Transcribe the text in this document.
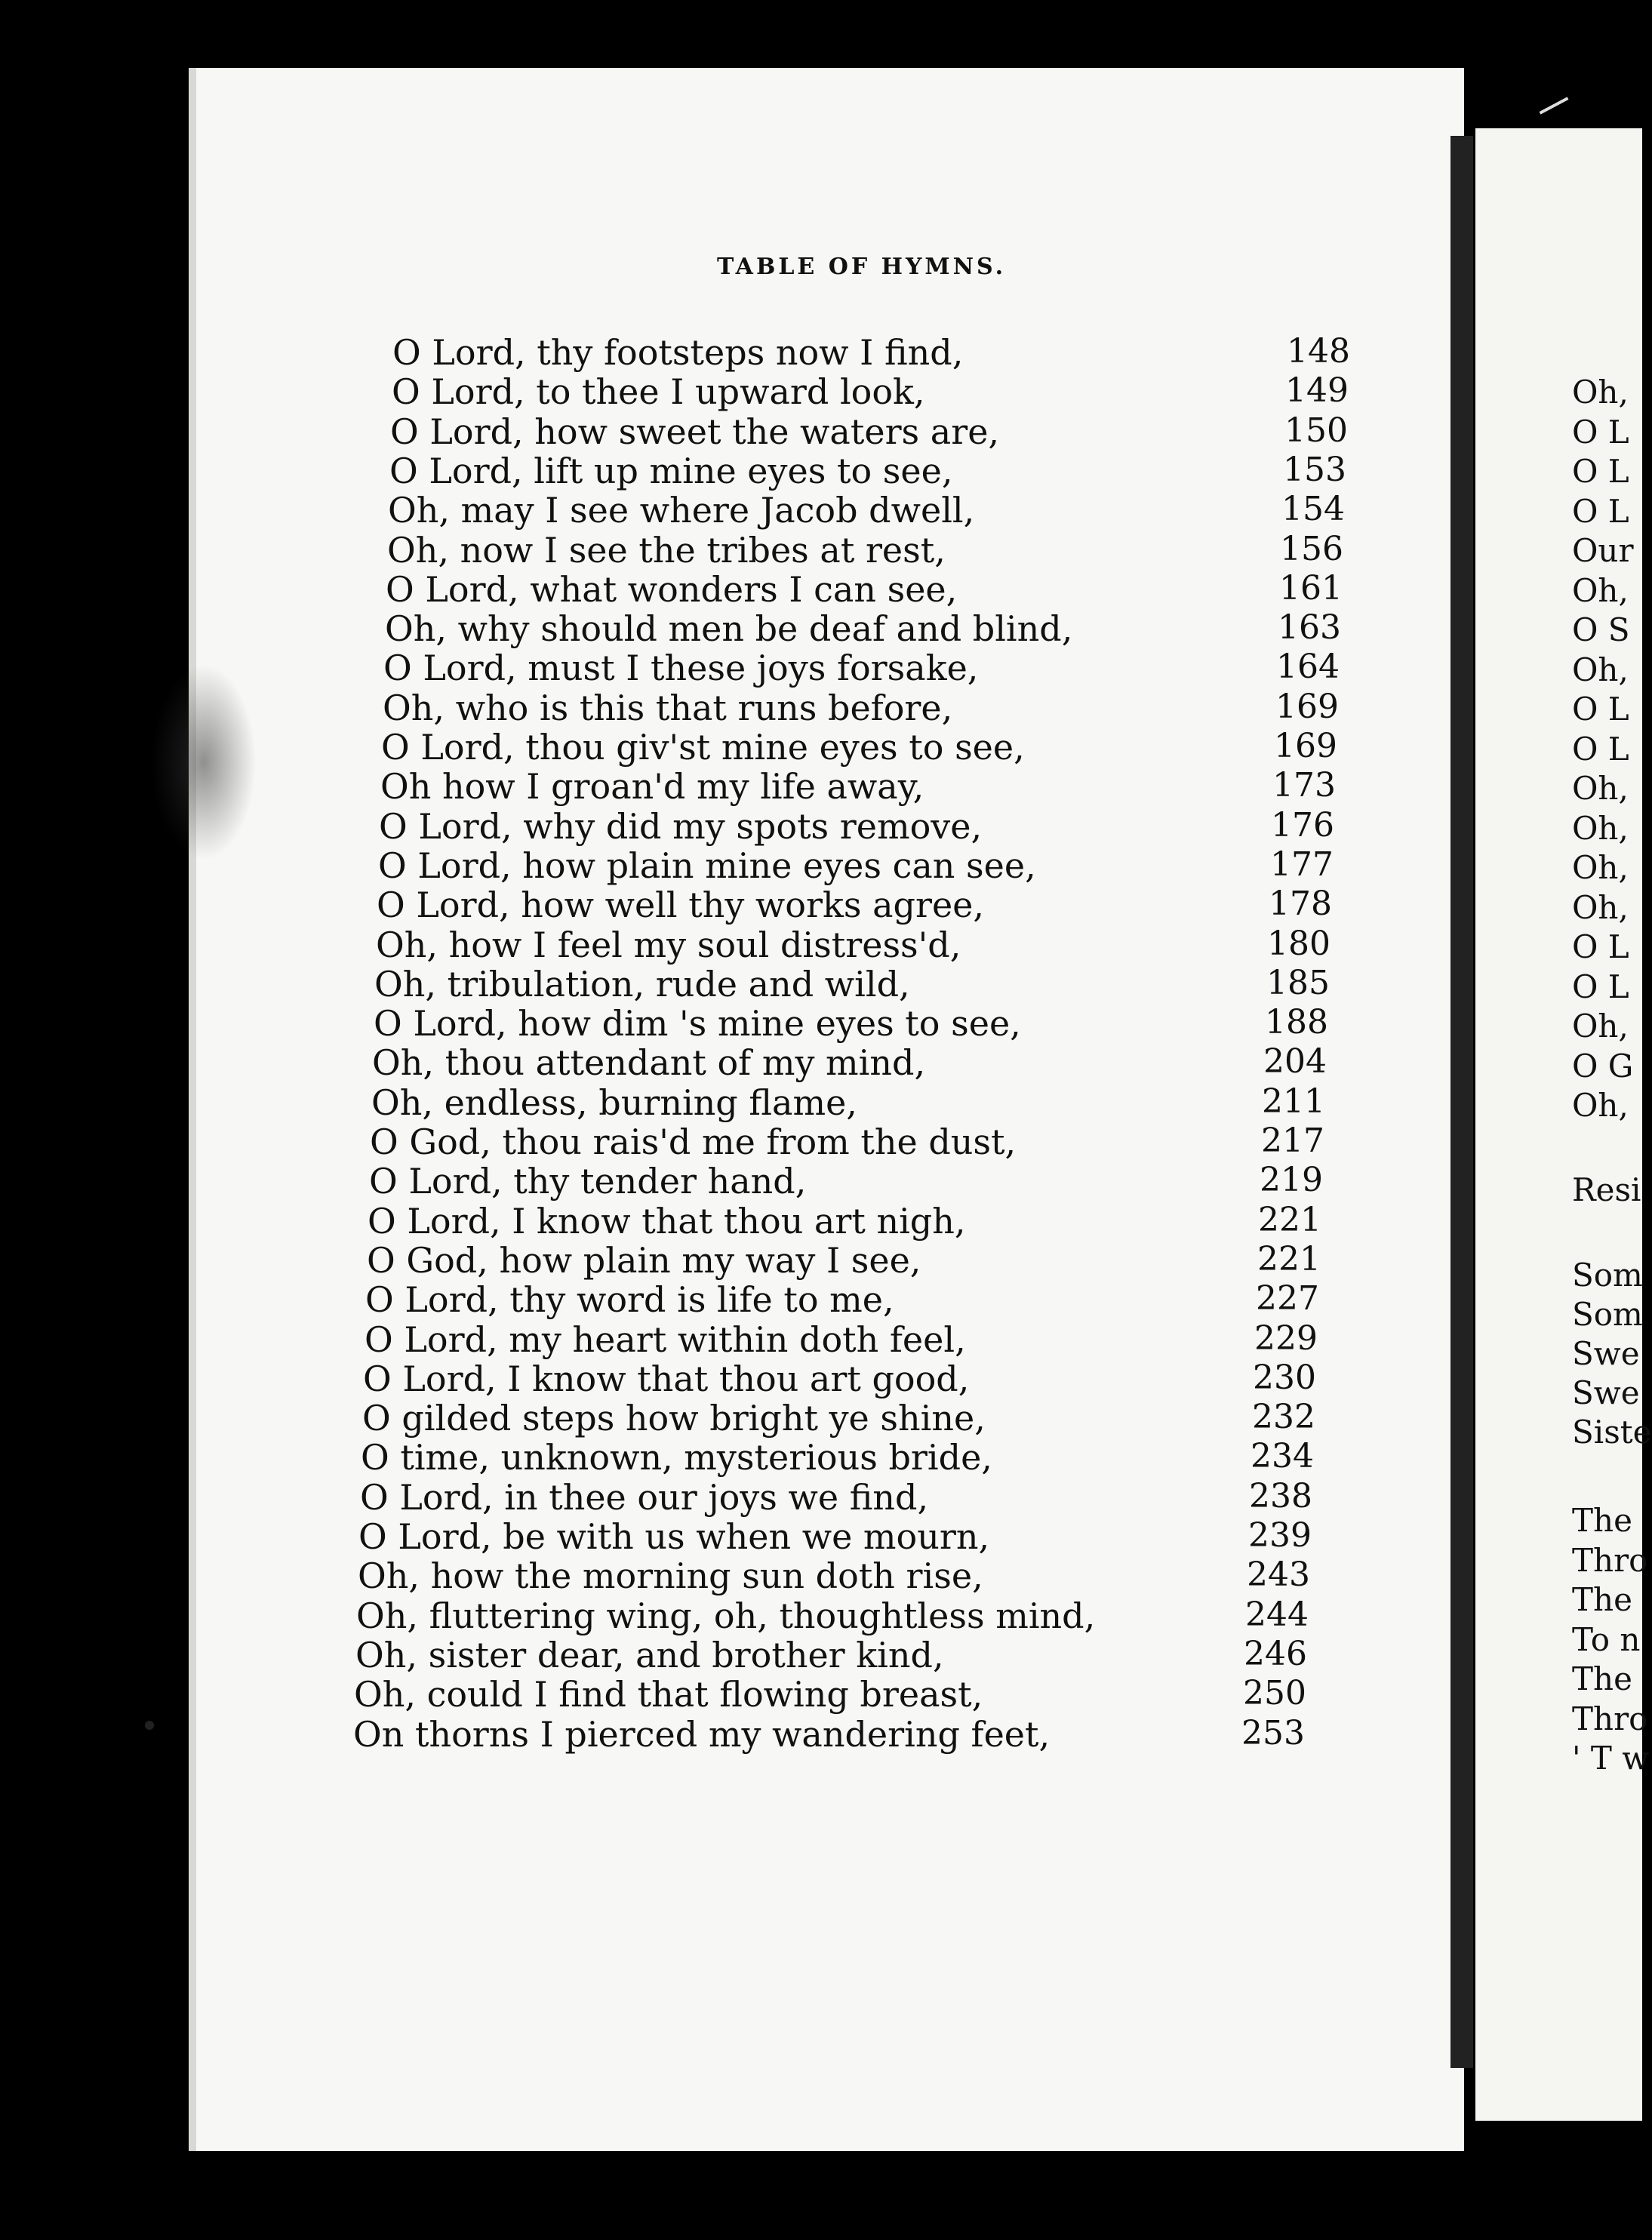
TABLE OF HYMNS.
O Lord, thy footsteps now I find,	148
O Lord, to thee I upward look,	149
O Lord, how sweet the waters are,	150
O Lord, lift up mine eyes to see,	153
Oh, may I see where Jacob dwell,	154
Oh, now I see the tribes at rest,	156
O Lord, what wonders I can see,	161
Oh, why should men be deaf and blind,	163
O Lord, must I these joys forsake,	164
Oh, who is this that runs before,	169
O Lord, thou giv'st mine eyes to see,	169
Oh how I groan'd my life away,	173
O Lord, why did my spots remove,	176
O Lord, how plain mine eyes can see,	177
O Lord, how well thy works agree,	178
Oh, how I feel my soul distress'd,	180
Oh, tribulation, rude and wild,	185
O Lord, how dim 's mine eyes to see,	188
Oh, thou attendant of my mind,	204
Oh, endless, burning flame,	211
O God, thou rais'd me from the dust,	217
O Lord, thy tender hand,	219
O Lord, I know that thou art nigh,	221
O God, how plain my way I see,	221
O Lord, thy word is life to me,	227
O Lord, my heart within doth feel,	229
O Lord, I know that thou art good,	230
O gilded steps how bright ye shine,	232
O time, unknown, mysterious bride,	234
O Lord, in thee our joys we find,	238
O Lord, be with us when we mourn,	239
Oh, how the morning sun doth rise,	243
Oh, fluttering wing, oh, thoughtless mind,	244
Oh, sister dear, and brother kind,	246
Oh, could I find that flowing breast,	250
On thorns I pierced my wandering feet,	253
Oh,
O L
O L
O L
Our
Oh,
O S
Oh,
O L
O L
Oh,
Oh,
Oh,
Oh,
O L
O L
Oh,
O G
Oh,
Resi
Som
Som
Swe
Swe
Siste
The
Thro
The
To n
The
Thro
' T w
